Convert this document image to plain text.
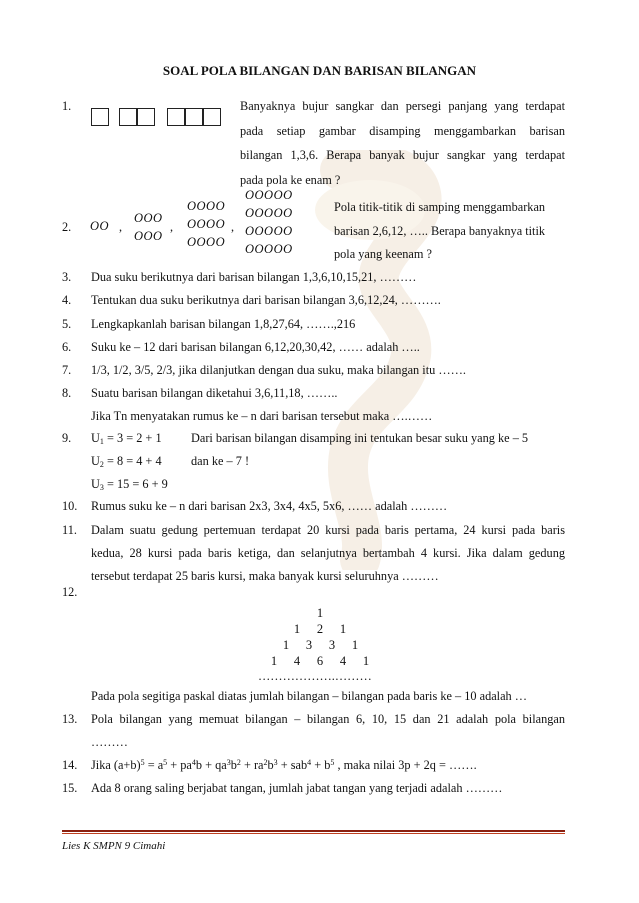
SOAL POLA BILANGAN DAN BARISAN BILANGAN
1.	Banyaknya bujur sangkar dan persegi panjang yang terdapat
pada setiap gambar disamping menggambarkan barisan
bilangan 1,3,6. Berapa banyak bujur sangkar yang terdapat
pada pola ke enam ?
2. OO ,
OOO
OOO
,
OOOO
OOOO
OOOO
,
OOOOO
OOOOO
OOOOO
OOOOO
Pola titik-titik di samping menggambarkan
barisan 2,6,12, ….. Berapa banyaknya titik
pola yang keenam ?
3. Dua suku berikutnya dari barisan bilangan 1,3,6,10,15,21, ………
4. Tentukan dua suku berikutnya dari barisan bilangan 3,6,12,24, ……….
5. Lengkapkanlah barisan bilangan 1,8,27,64, …….,216
6. Suku ke – 12 dari barisan bilangan 6,12,20,30,42, …… adalah …..
7. 1/3, 1/2, 3/5, 2/3, jika dilanjutkan dengan dua suku, maka bilangan itu …….
8. Suatu barisan bilangan diketahui 3,6,11,18, ……..
Jika Tn menyatakan rumus ke – n dari barisan tersebut maka ….……
9. $U_1 = 3 = 2 + 1$
$U_2 = 8 = 4 + 4$
$U_3 = 15 = 6 + 9$
Dari barisan bilangan disamping ini tentukan besar suku yang ke – 5
dan ke – 7 !
10. Rumus suku ke – n dari barisan 2x3, 3x4, 4x5, 5x6, …… adalah ………
11. Dalam suatu gedung pertemuan terdapat 20 kursi pada baris pertama, 24 kursi pada baris
kedua, 28 kursi pada baris ketiga, dan selanjutnya bertambah 4 kursi. Jika dalam gedung
tersebut terdapat 25 baris kursi, maka banyak kursi seluruhnya ………
12.
1
1	2	1
1	3	3	1
1	4	6	4	1
……………….………
Pada pola segitiga paskal diatas jumlah bilangan – bilangan pada baris ke – 10 adalah …
13. Pola bilangan yang memuat bilangan – bilangan 6, 10, 15 dan 21 adalah pola bilangan
………
14. Jika $(a+b)^5 = a^5 + pa^4b + qa^3b^2 + ra^2b^3 + sab^4 + b^5$ , maka nilai 3p + 2q = …….
15. Ada 8 orang saling berjabat tangan, jumlah jabat tangan yang terjadi adalah ………
Lies K SMPN 9 Cimahi
